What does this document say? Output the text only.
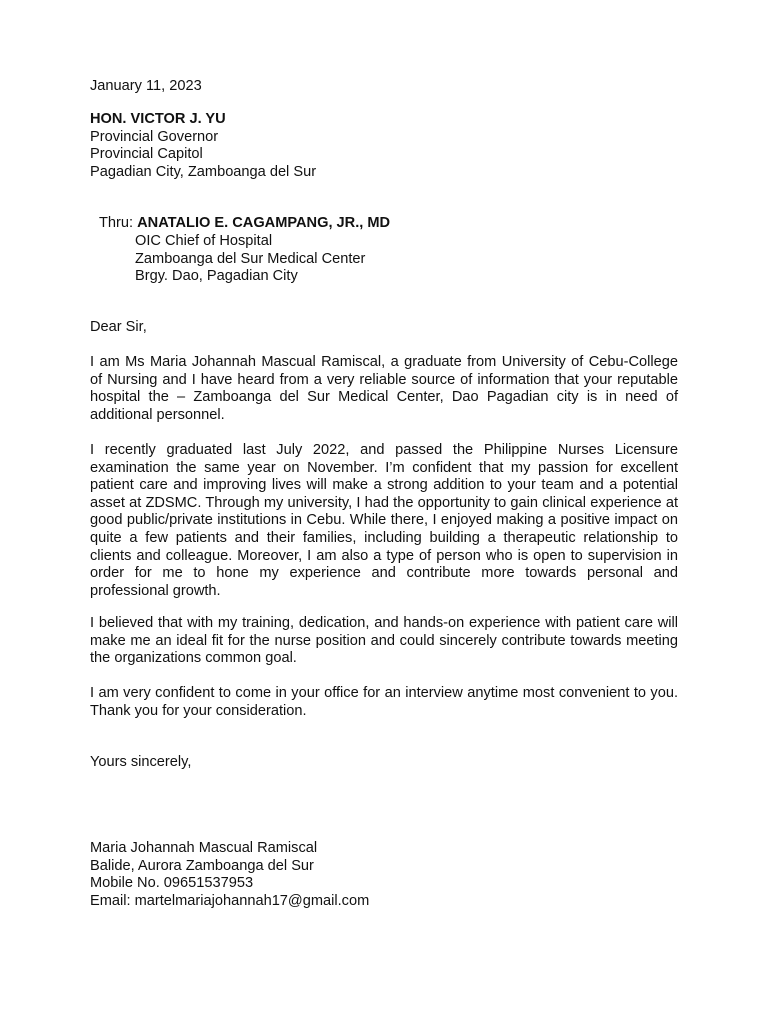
January 11, 2023
HON. VICTOR J. YU
Provincial Governor
Provincial Capitol
Pagadian City, Zamboanga del Sur
Thru: ANATALIO E. CAGAMPANG, JR., MD
OIC Chief of Hospital
Zamboanga del Sur Medical Center
Brgy. Dao, Pagadian City
Dear Sir,
I am Ms Maria Johannah Mascual Ramiscal, a graduate from University of Cebu-College of Nursing and I have heard from a very reliable source of information that your reputable hospital the – Zamboanga del Sur Medical Center, Dao Pagadian city is in need of additional personnel.
I recently graduated last July 2022, and passed the Philippine Nurses Licensure examination the same year on November. I’m confident that my passion for excellent patient care and improving lives will make a strong addition to your team and a potential asset at ZDSMC. Through my university, I had the opportunity to gain clinical experience at good public/private institutions in Cebu. While there, I enjoyed making a positive impact on quite a few patients and their families, including building a therapeutic relationship to clients and colleague. Moreover, I am also a type of person who is open to supervision in order for me to hone my experience and contribute more towards personal and professional growth.
I believed that with my training, dedication, and hands-on experience with patient care will make me an ideal fit for the nurse position and could sincerely contribute towards meeting the organizations common goal.
I am very confident to come in your office for an interview anytime most convenient to you. Thank you for your consideration.
Yours sincerely,
Maria Johannah Mascual Ramiscal
Balide, Aurora Zamboanga del Sur
Mobile No. 09651537953
Email: martelmariajohannah17@gmail.com
